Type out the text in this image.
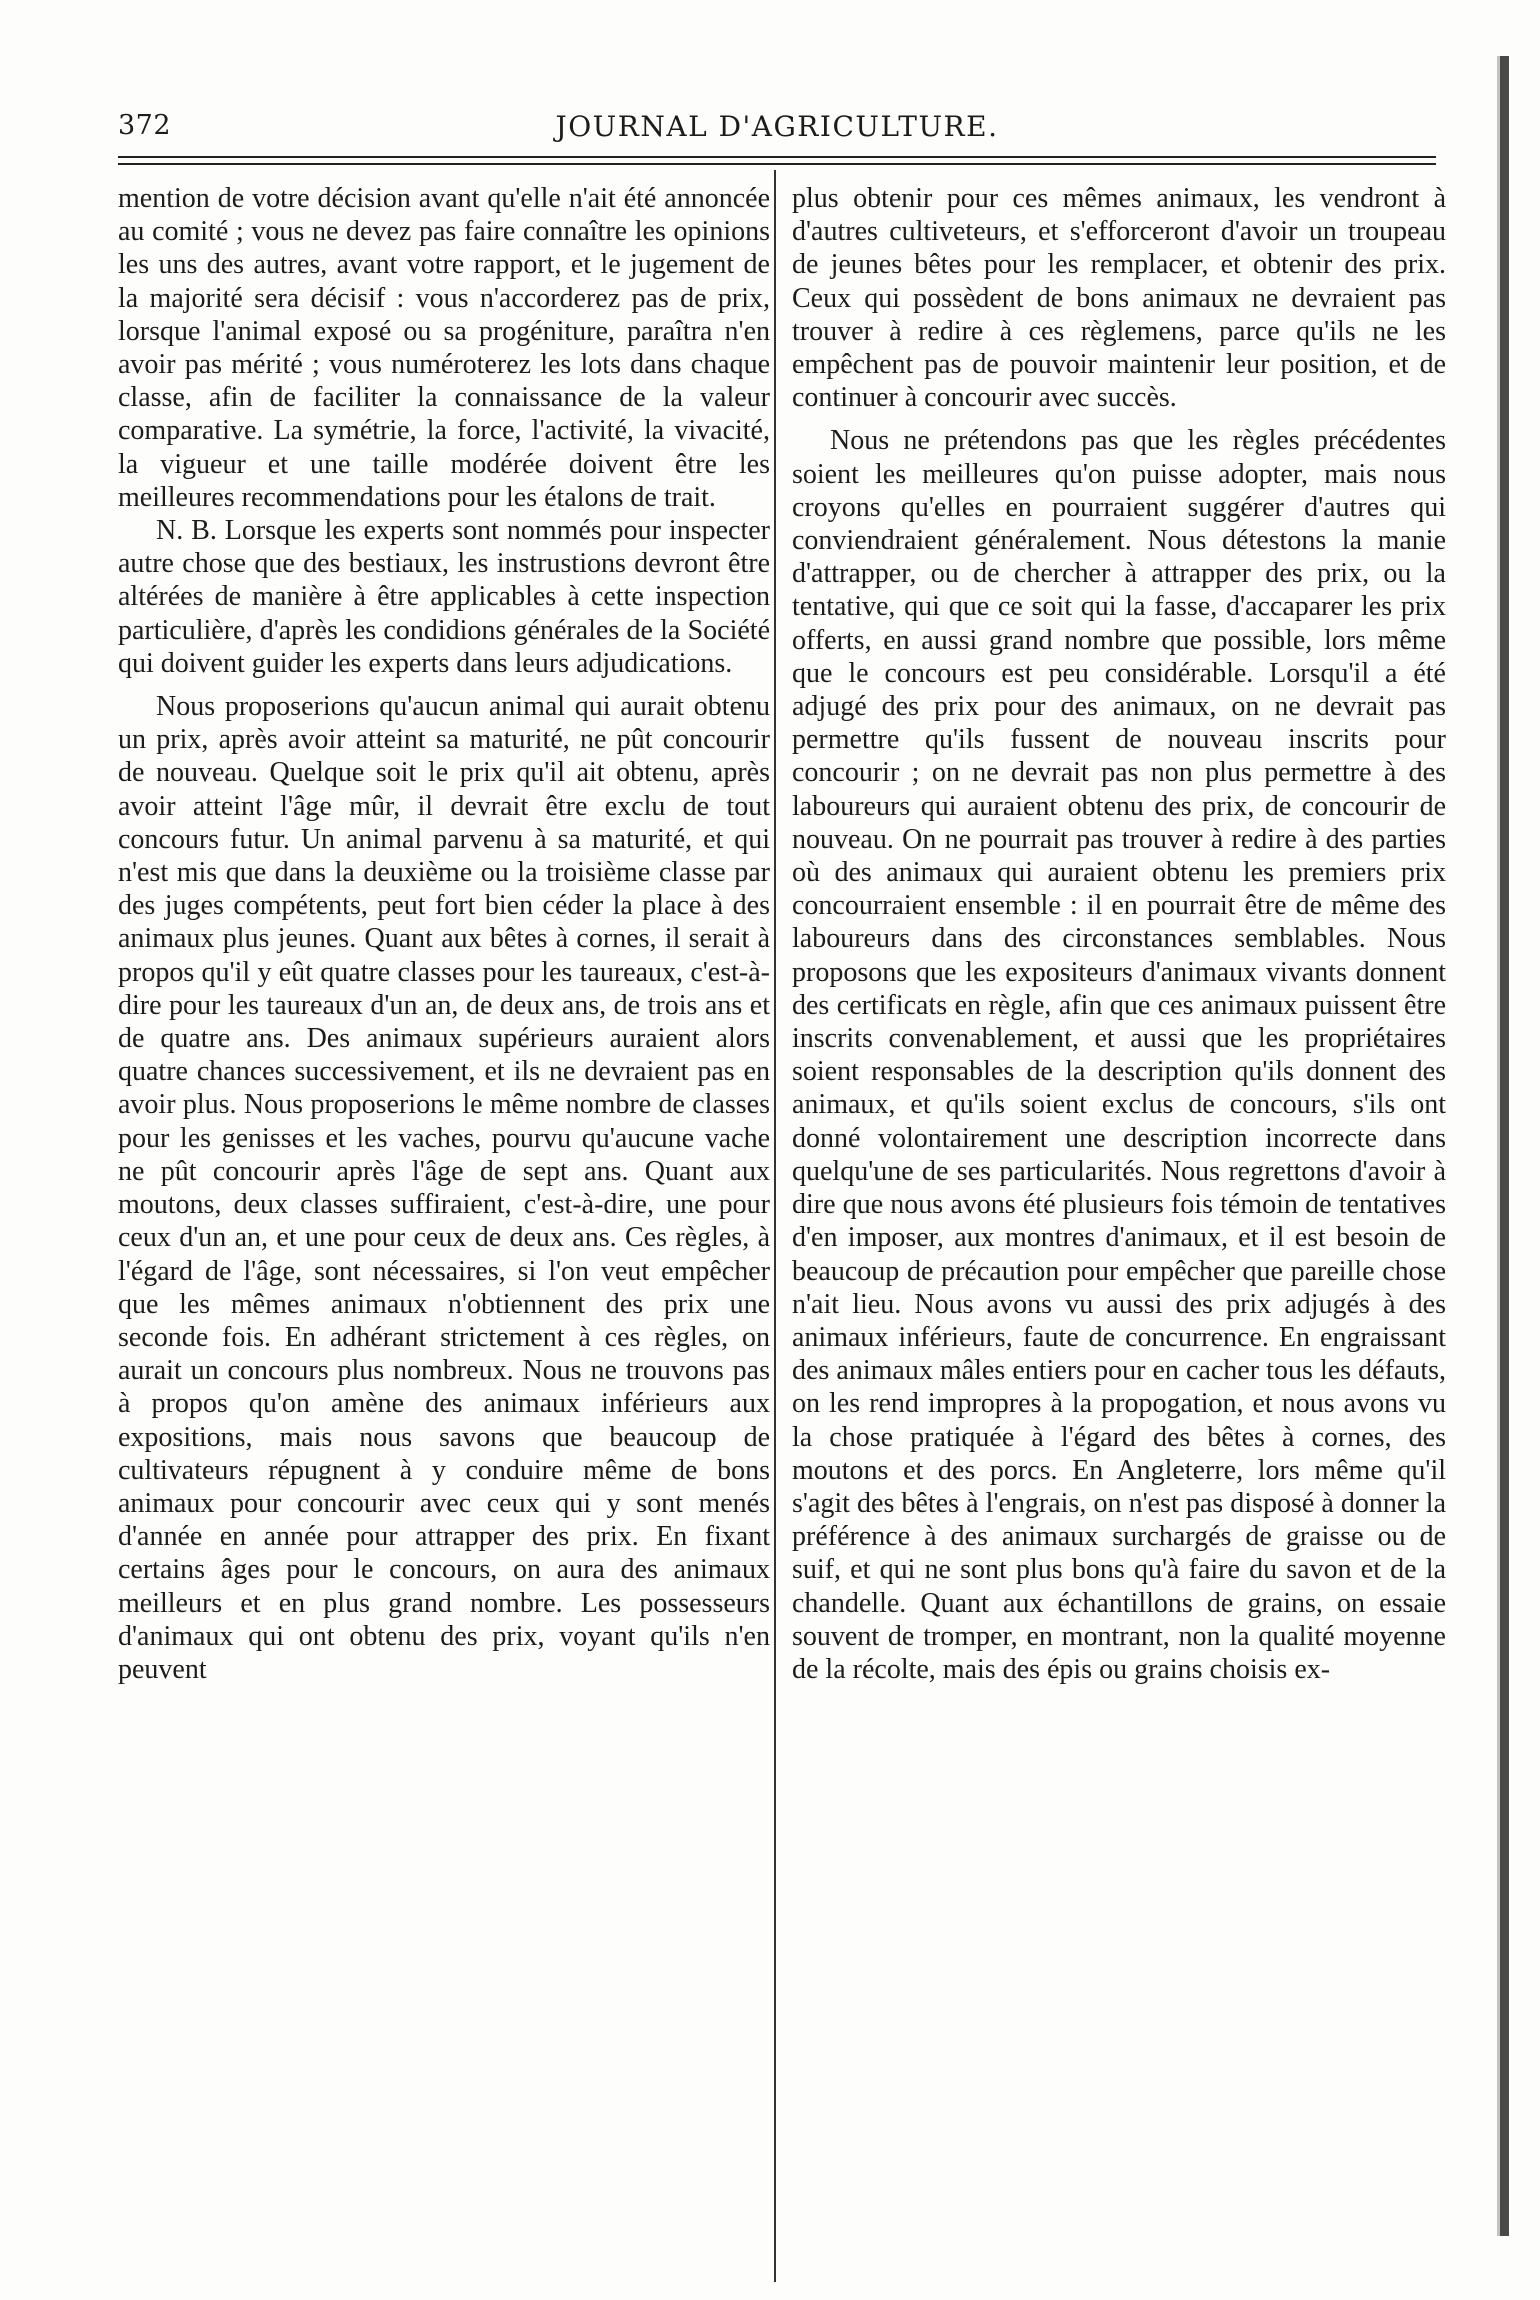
372	JOURNAL D'AGRICULTURE.

mention de votre décision avant qu'elle n'ait été annoncée au comité ; vous ne devez pas faire connaître les opinions les uns des autres, avant votre rapport, et le jugement de la majorité sera décisif : vous n'accorderez pas de prix, lorsque l'animal exposé ou sa progéniture, paraîtra n'en avoir pas mérité ; vous numéroterez les lots dans chaque classe, afin de faciliter la connaissance de la valeur comparative. La symétrie, la force, l'activité, la vivacité, la vigueur et une taille modérée doivent être les meilleures recommendations pour les étalons de trait.

N. B. Lorsque les experts sont nommés pour inspecter autre chose que des bestiaux, les instrustions devront être altérées de manière à être applicables à cette inspection particulière, d'après les condidions générales de la Société qui doivent guider les experts dans leurs adjudications.

Nous proposerions qu'aucun animal qui aurait obtenu un prix, après avoir atteint sa maturité, ne pût concourir de nouveau. Quelque soit le prix qu'il ait obtenu, après avoir atteint l'âge mûr, il devrait être exclu de tout concours futur. Un animal parvenu à sa maturité, et qui n'est mis que dans la deuxième ou la troisième classe par des juges compétents, peut fort bien céder la place à des animaux plus jeunes. Quant aux bêtes à cornes, il serait à propos qu'il y eût quatre classes pour les taureaux, c'est-à-dire pour les taureaux d'un an, de deux ans, de trois ans et de quatre ans. Des animaux supérieurs auraient alors quatre chances successivement, et ils ne devraient pas en avoir plus. Nous proposerions le même nombre de classes pour les genisses et les vaches, pourvu qu'aucune vache ne pût concourir après l'âge de sept ans. Quant aux moutons, deux classes suffiraient, c'est-à-dire, une pour ceux d'un an, et une pour ceux de deux ans. Ces règles, à l'égard de l'âge, sont nécessaires, si l'on veut empêcher que les mêmes animaux n'obtiennent des prix une seconde fois. En adhérant strictement à ces règles, on aurait un concours plus nombreux. Nous ne trouvons pas à propos qu'on amène des animaux inférieurs aux expositions, mais nous savons que beaucoup de cultivateurs répugnent à y conduire même de bons animaux pour concourir avec ceux qui y sont menés d'année en année pour attrapper des prix. En fixant certains âges pour le concours, on aura des animaux meilleurs et en plus grand nombre. Les possesseurs d'animaux qui ont obtenu des prix, voyant qu'ils n'en peuvent

plus obtenir pour ces mêmes animaux, les vendront à d'autres cultiveteurs, et s'efforceront d'avoir un troupeau de jeunes bêtes pour les remplacer, et obtenir des prix. Ceux qui possèdent de bons animaux ne devraient pas trouver à redire à ces règlemens, parce qu'ils ne les empêchent pas de pouvoir maintenir leur position, et de continuer à concourir avec succès.

Nous ne prétendons pas que les règles précédentes soient les meilleures qu'on puisse adopter, mais nous croyons qu'elles en pourraient suggérer d'autres qui conviendraient généralement. Nous détestons la manie d'attrapper, ou de chercher à attrapper des prix, ou la tentative, qui que ce soit qui la fasse, d'accaparer les prix offerts, en aussi grand nombre que possible, lors même que le concours est peu considérable. Lorsqu'il a été adjugé des prix pour des animaux, on ne devrait pas permettre qu'ils fussent de nouveau inscrits pour concourir ; on ne devrait pas non plus permettre à des laboureurs qui auraient obtenu des prix, de concourir de nouveau. On ne pourrait pas trouver à redire à des parties où des animaux qui auraient obtenu les premiers prix concourraient ensemble : il en pourrait être de même des laboureurs dans des circonstances semblables. Nous proposons que les expositeurs d'animaux vivants donnent des certificats en règle, afin que ces animaux puissent être inscrits convenablement, et aussi que les propriétaires soient responsables de la description qu'ils donnent des animaux, et qu'ils soient exclus de concours, s'ils ont donné volontairement une description incorrecte dans quelqu'une de ses particularités. Nous regrettons d'avoir à dire que nous avons été plusieurs fois témoin de tentatives d'en imposer, aux montres d'animaux, et il est besoin de beaucoup de précaution pour empêcher que pareille chose n'ait lieu. Nous avons vu aussi des prix adjugés à des animaux inférieurs, faute de concurrence. En engraissant des animaux mâles entiers pour en cacher tous les défauts, on les rend impropres à la propogation, et nous avons vu la chose pratiquée à l'égard des bêtes à cornes, des moutons et des porcs. En Angleterre, lors même qu'il s'agit des bêtes à l'engrais, on n'est pas disposé à donner la préférence à des animaux surchargés de graisse ou de suif, et qui ne sont plus bons qu'à faire du savon et de la chandelle. Quant aux échantillons de grains, on essaie souvent de tromper, en montrant, non la qualité moyenne de la récolte, mais des épis ou grains choisis ex-
